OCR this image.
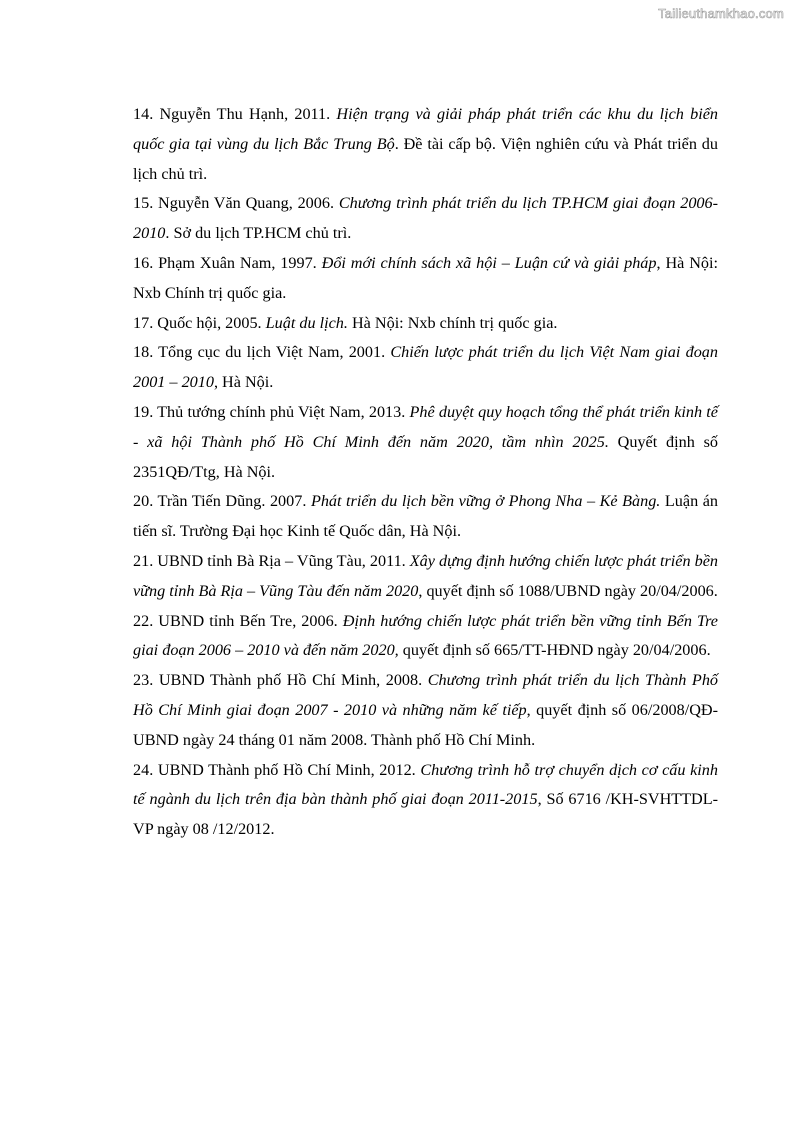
Tailieuthamkhao.com

14. Nguyễn Thu Hạnh, 2011. Hiện trạng và giải pháp phát triển các khu du lịch biển quốc gia tại vùng du lịch Bắc Trung Bộ. Đề tài cấp bộ. Viện nghiên cứu và Phát triển du lịch chủ trì.

15. Nguyễn Văn Quang, 2006. Chương trình phát triển du lịch TP.HCM giai đoạn 2006-2010. Sở du lịch TP.HCM chủ trì.

16. Phạm Xuân Nam, 1997. Đổi mới chính sách xã hội – Luận cứ và giải pháp, Hà Nội: Nxb Chính trị quốc gia.

17. Quốc hội, 2005. Luật du lịch. Hà Nội: Nxb chính trị quốc gia.

18. Tổng cục du lịch Việt Nam, 2001. Chiến lược phát triển du lịch Việt Nam giai đoạn 2001 – 2010, Hà Nội.

19. Thủ tướng chính phủ Việt Nam, 2013. Phê duyệt quy hoạch tổng thể phát triển kinh tế - xã hội Thành phố Hồ Chí Minh đến năm 2020, tầm nhìn 2025. Quyết định số 2351QĐ/Ttg, Hà Nội.

20. Trần Tiến Dũng. 2007. Phát triển du lịch bền vững ở Phong Nha – Kẻ Bàng. Luận án tiến sĩ. Trường Đại học Kinh tế Quốc dân, Hà Nội.

21. UBND tỉnh Bà Rịa – Vũng Tàu, 2011. Xây dựng định hướng chiến lược phát triển bền vững tỉnh Bà Rịa – Vũng Tàu đến năm 2020, quyết định số 1088/UBND ngày 20/04/2006.

22. UBND tỉnh Bến Tre, 2006. Định hướng chiến lược phát triển bền vững tỉnh Bến Tre giai đoạn 2006 – 2010 và đến năm 2020, quyết định số 665/TT-HĐND ngày 20/04/2006.

23. UBND Thành phố Hồ Chí Minh, 2008. Chương trình phát triển du lịch Thành Phố Hồ Chí Minh giai đoạn 2007 - 2010 và những năm kế tiếp, quyết định số 06/2008/QĐ-UBND ngày 24 tháng 01 năm 2008. Thành phố Hồ Chí Minh.

24. UBND Thành phố Hồ Chí Minh, 2012. Chương trình hỗ trợ chuyển dịch cơ cấu kinh tế ngành du lịch trên địa bàn thành phố giai đoạn 2011-2015, Số 6716 /KH-SVHTTDL-VP ngày 08 /12/2012.
